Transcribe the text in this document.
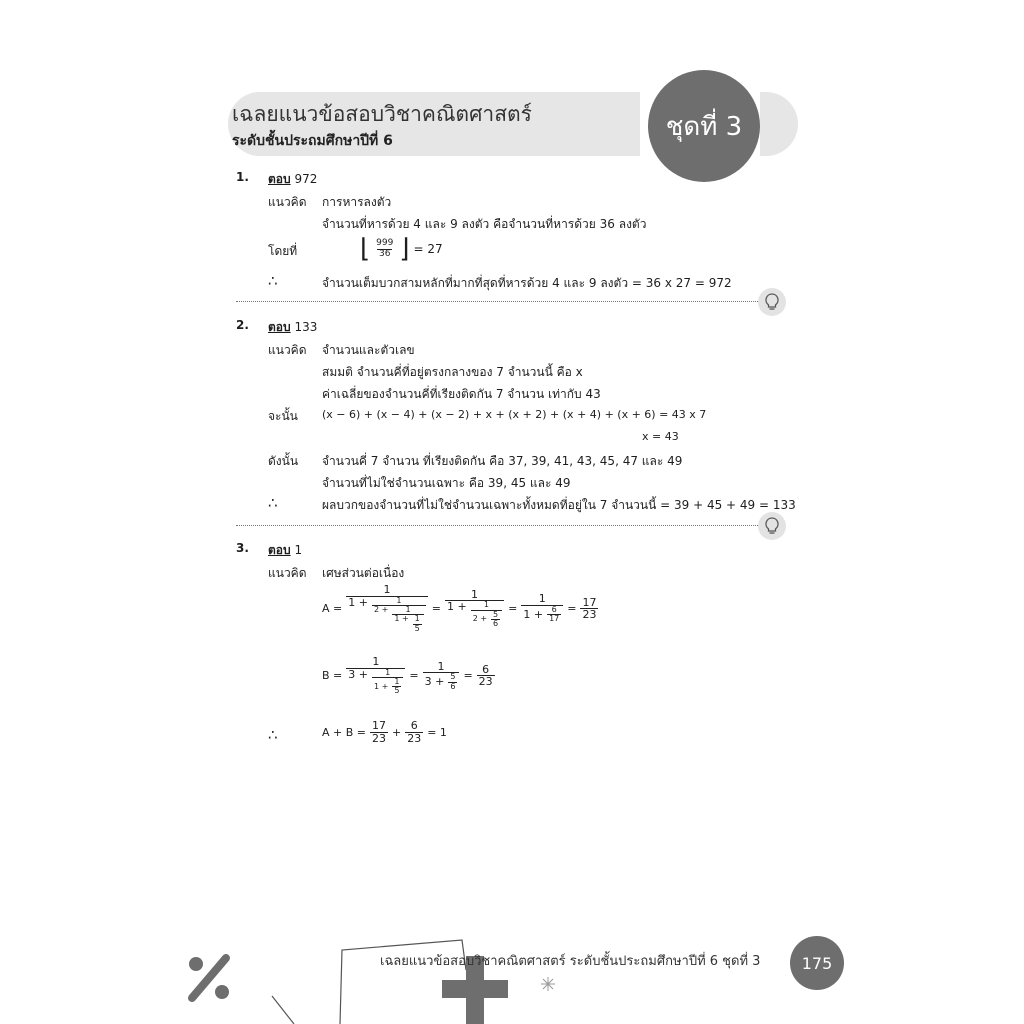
เฉลยแนวข้อสอบวิชาคณิตศาสตร์
ระดับชั้นประถมศึกษาปีที่ 6	ชุดที่ 3
1. ตอบ 972
แนวคิด การหารลงตัว
จำนวนที่หารด้วย 4 และ 9 ลงตัว คือจำนวนที่หารด้วย 36 ลงตัว
โดยที่ ⌊ $\frac{999}{36}$ ⌋ = 27
∴	จำนวนเต็มบวกสามหลักที่มากที่สุดที่หารด้วย 4 และ 9 ลงตัว = 36 x 27 = 972
2. ตอบ 133
แนวคิด จำนวนและตัวเลข
สมมติ จำนวนคี่ที่อยู่ตรงกลางของ 7 จำนวนนี้ คือ x
ค่าเฉลี่ยของจำนวนคี่ที่เรียงติดกัน 7 จำนวน เท่ากับ 43
จะนั้น (x − 6) + (x − 4) + (x − 2) + x + (x + 2) + (x + 4) + (x + 6) = 43 x 7
x = 43
ดังนั้น จำนวนคี่ 7 จำนวน ที่เรียงติดกัน คือ 37, 39, 41, 43, 45, 47 และ 49
จำนวนที่ไม่ใช่จำนวนเฉพาะ คือ 39, 45 และ 49
∴	ผลบวกของจำนวนที่ไม่ใช่จำนวนเฉพาะทั้งหมดที่อยู่ใน 7 จำนวนนี้ = 39 + 45 + 49 = 133
3. ตอบ 1
แนวคิด เศษส่วนต่อเนื่อง
A =
1
1 +	1
$2 + \frac{1}{1 + \frac{1}{5}}$ =
1
$1 + \frac{1}{2 + \frac{5}{6}} = \frac{1}{1 + \frac{6}{17}} = \frac{17}{23}$
B =
1
$3 + \frac{1}{1 + \frac{1}{5}} = \frac{1}{3 + \frac{5}{6}} = \frac{6}{23}$
∴	$A + B = \frac{17}{23} + \frac{6}{23} = 1$
เฉลยแนวข้อสอบวิชาคณิตศาสตร์ ระดับชั้นประถมศึกษาปีที่ 6 ชุดที่ 3	175
